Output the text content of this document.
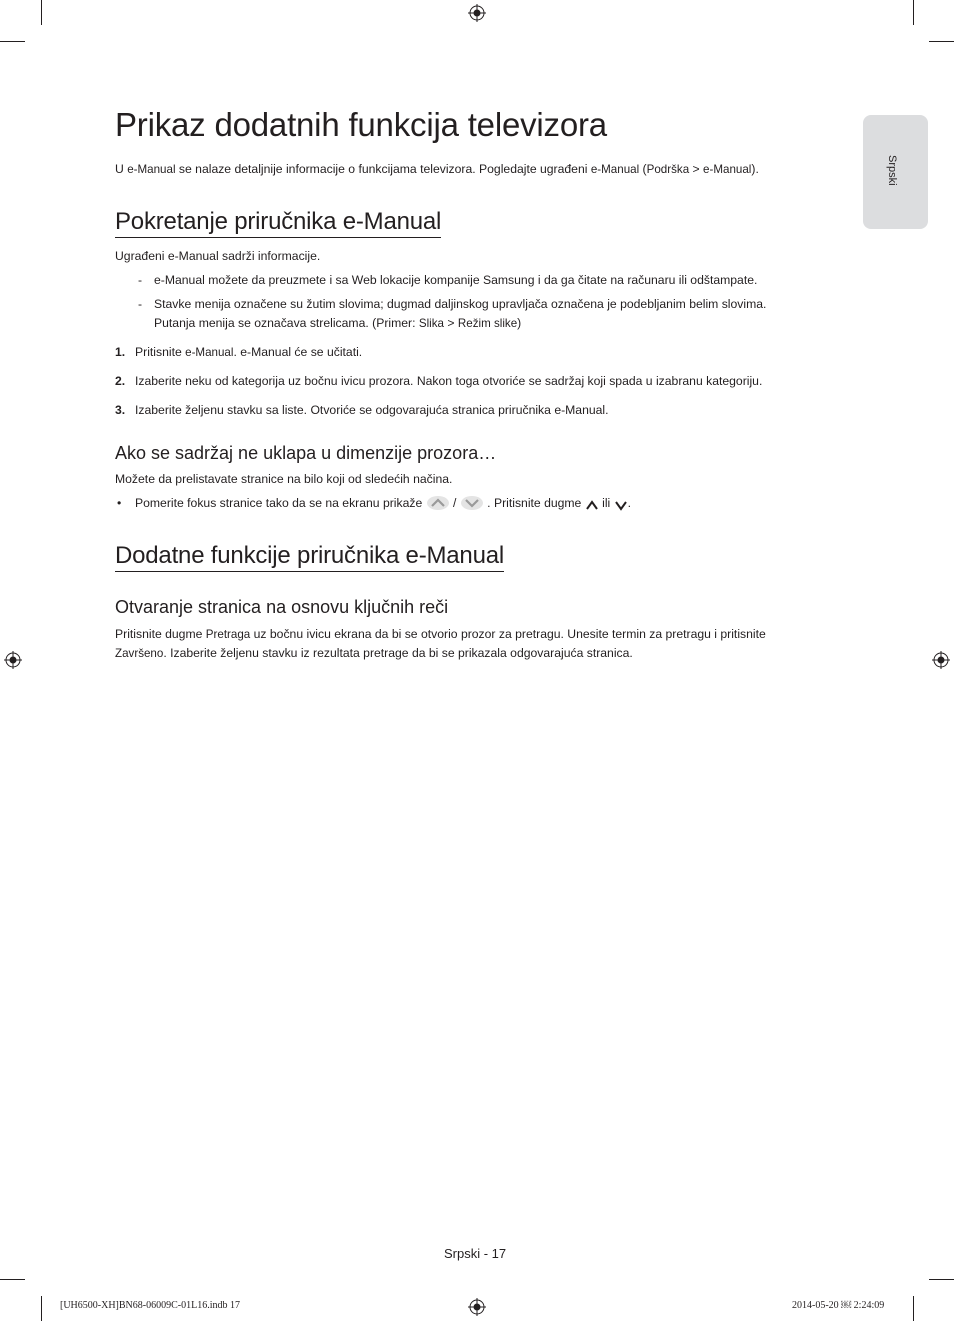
Srpski
Prikaz dodatnih funkcija televizora

U e-Manual se nalaze detaljnije informacije o funkcijama televizora. Pogledajte ugrađeni e-Manual (Podrška > e-Manual).

Pokretanje priručnika e-Manual

Ugrađeni e-Manual sadrži informacije.

- e-Manual možete da preuzmete i sa Web lokacije kompanije Samsung i da ga čitate na računaru ili odštampate.

- Stavke menija označene su žutim slovima; dugmad daljinskog upravljača označena je podebljanim belim slovima.
Putanja menija se označava strelicama. (Primer: Slika > Režim slike)

1. Pritisnite e-Manual. e-Manual će se učitati.

2. Izaberite neku od kategorija uz bočnu ivicu prozora. Nakon toga otvoriće se sadržaj koji spada u izabranu kategoriju.

3. Izaberite željenu stavku sa liste. Otvoriće se odgovarajuća stranica priručnika e-Manual.

Ako se sadržaj ne uklapa u dimenzije prozora…

Možete da prelistavate stranice na bilo koji od sledećih načina.

• Pomerite fokus stranice tako da se na ekranu prikaže  /  . Pritisnite dugme  ili .

Dodatne funkcije priručnika e-Manual
Otvaranje stranica na osnovu ključnih reči

Pritisnite dugme Pretraga uz bočnu ivicu ekrana da bi se otvorio prozor za pretragu. Unesite termin za pretragu i pritisnite
Završeno. Izaberite željenu stavku iz rezultata pretrage da bi se prikazala odgovarajuća stranica.

Srpski - 17
[UH6500-XH]BN68-06009C-01L16.indb 17	2014-05-20 ￼ 2:24:09
